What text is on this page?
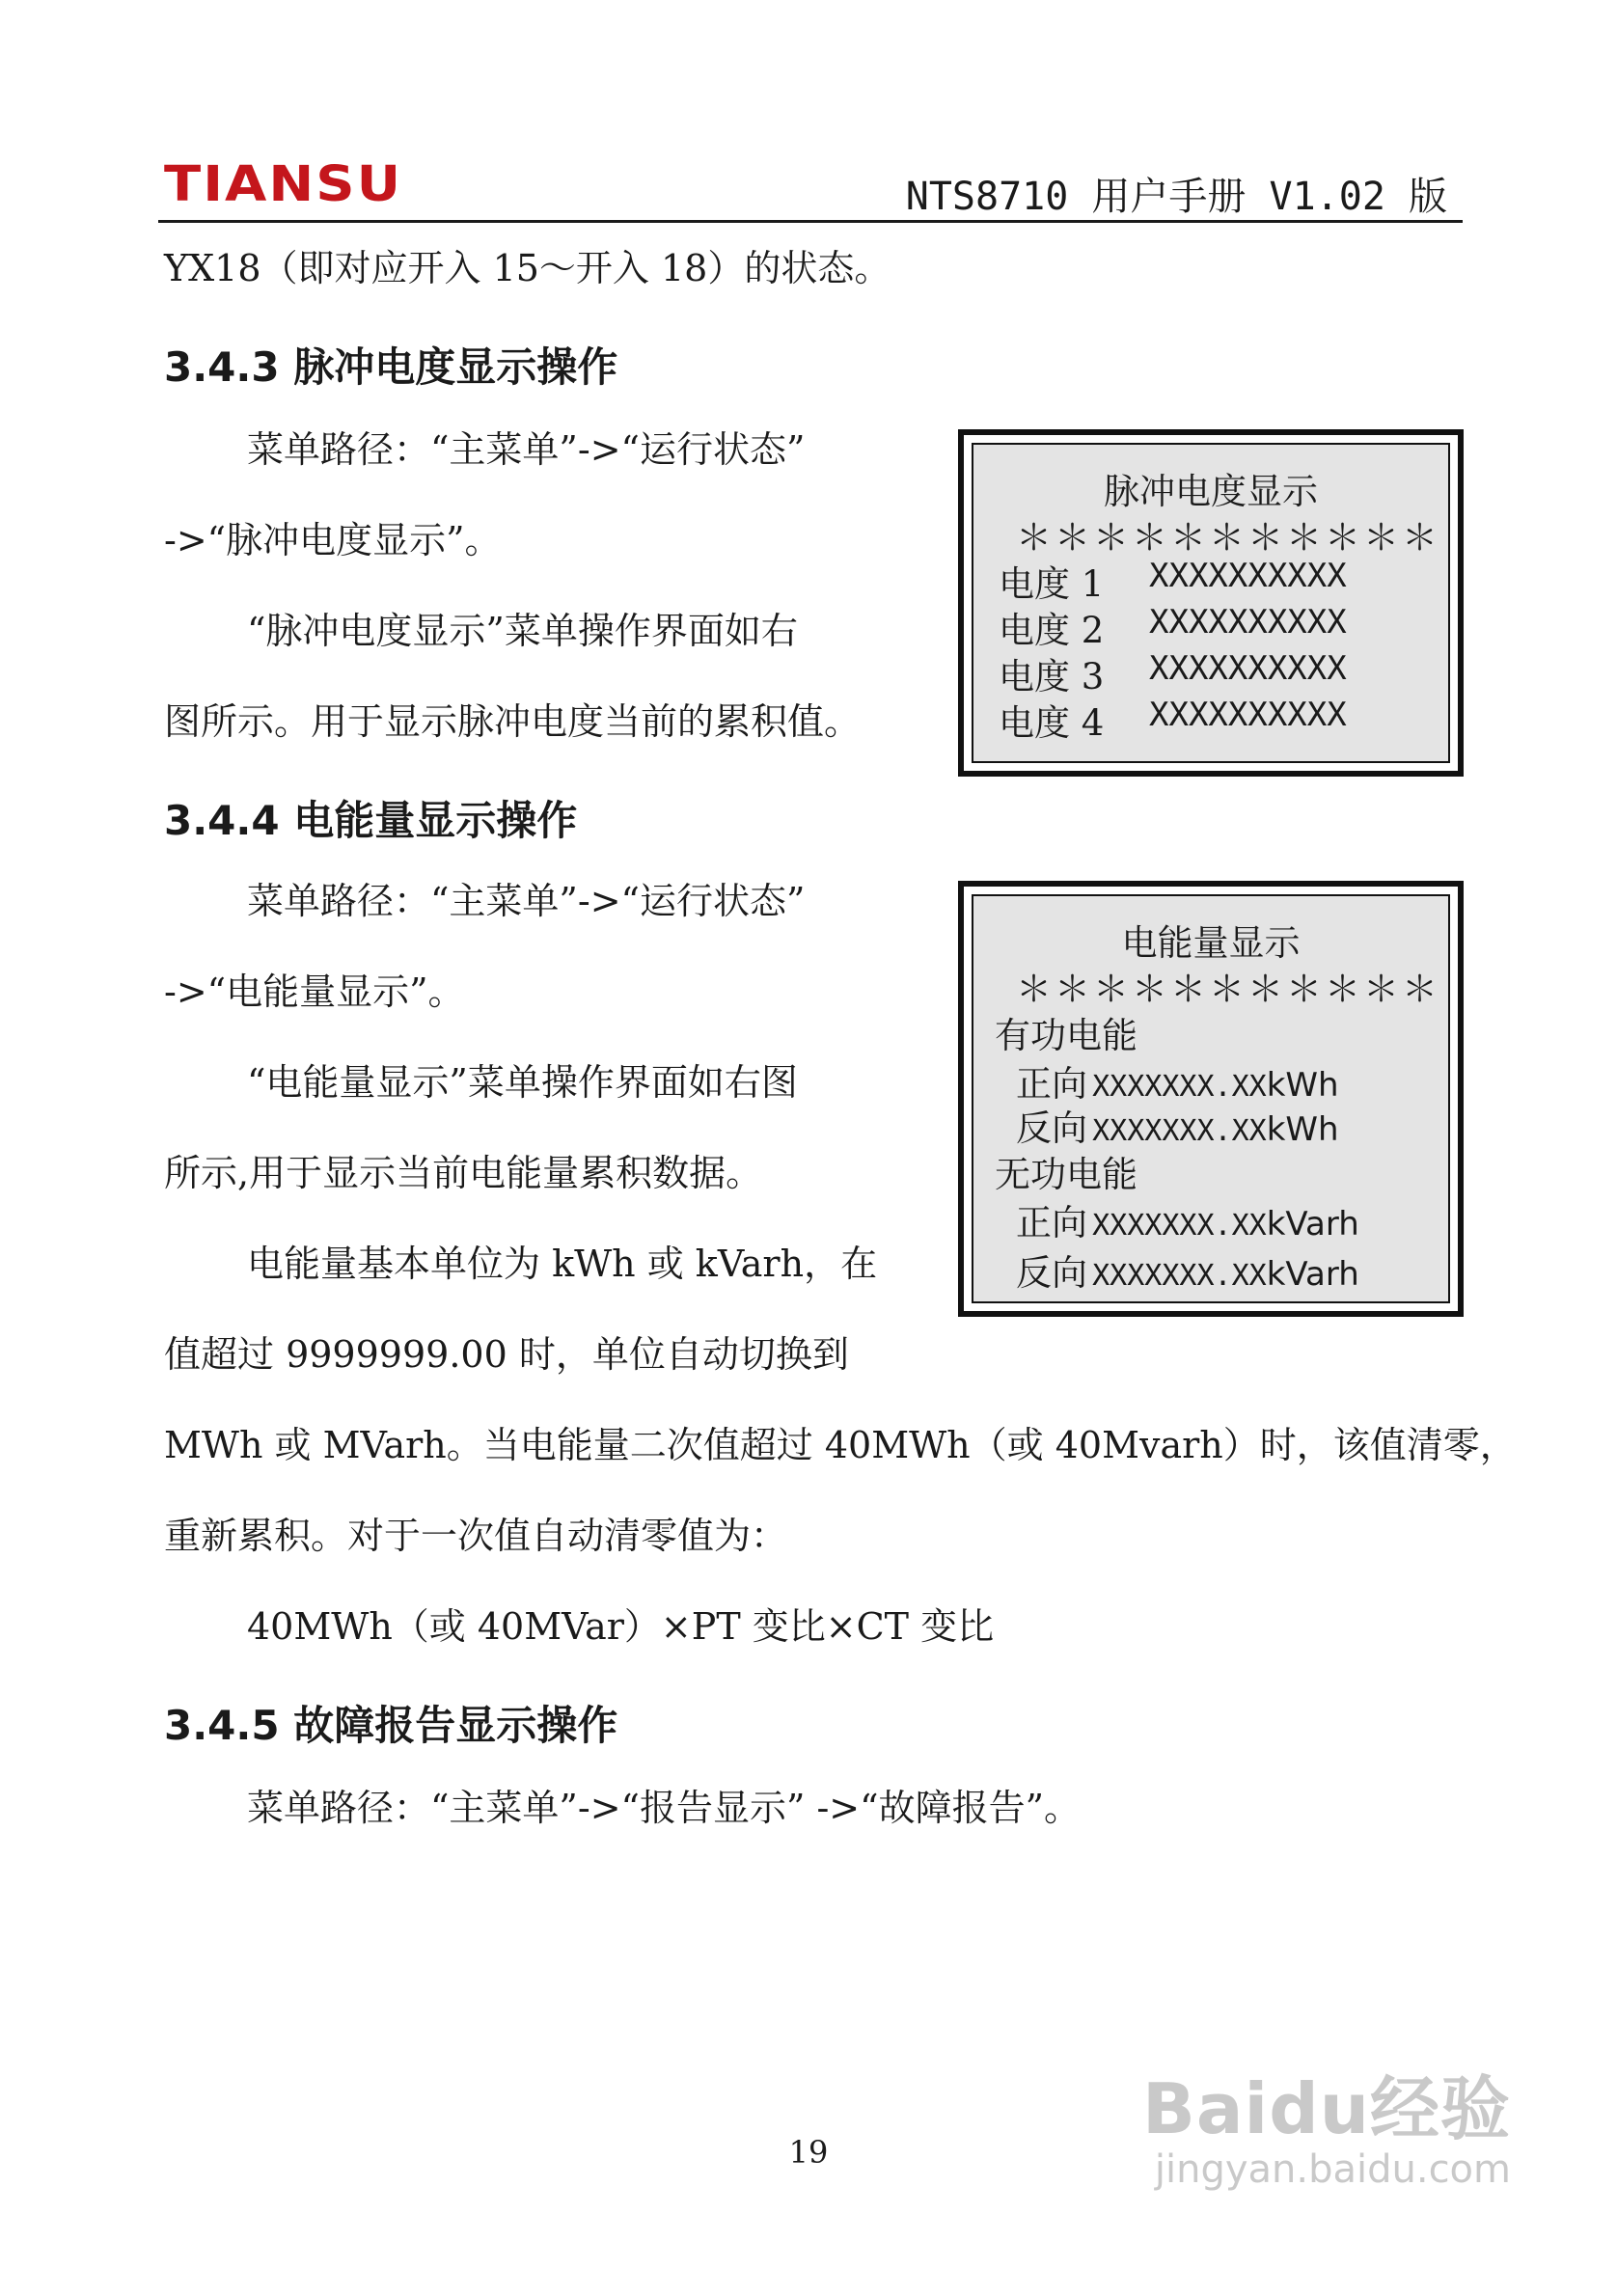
TIANSU	NTS8710 用户手册 V1.02 版
YX18（即对应开入 15～开入 18）的状态。
3.4.3 脉冲电度显示操作
菜单路径：“主菜单”->“运行状态”
->“脉冲电度显示”。
“脉冲电度显示”菜单操作界面如右
图所示。用于显示脉冲电度当前的累积值。
3.4.4 电能量显示操作
菜单路径：“主菜单”->“运行状态”
->“电能量显示”。
“电能量显示”菜单操作界面如右图
所示,用于显示当前电能量累积数据。
电能量基本单位为 kWh 或 kVarh，在
值超过 9999999.00 时，单位自动切换到
MWh 或 MVarh。当电能量二次值超过 40MWh（或 40Mvarh）时，该值清零，
重新累积。对于一次值自动清零值为：
40MWh（或 40MVar）×PT 变比×CT 变比
3.4.5 故障报告显示操作
菜单路径：“主菜单”->“报告显示” ->“故障报告”。
脉冲电度显示
＊＊＊＊＊＊＊＊＊＊＊
电度 1 XXXXXXXXXX
电度 2 XXXXXXXXXX
电度 3 XXXXXXXXXX
电度 4 XXXXXXXXXX
电能量显示
＊＊＊＊＊＊＊＊＊＊＊
有功电能
正向 XXXXXXX.XXkWh
反向 XXXXXXX.XXkWh
无功电能
正向 XXXXXXX.XXkVarh
反向 XXXXXXX.XXkVarh
19
Baidu经验
jingyan.baidu.com
